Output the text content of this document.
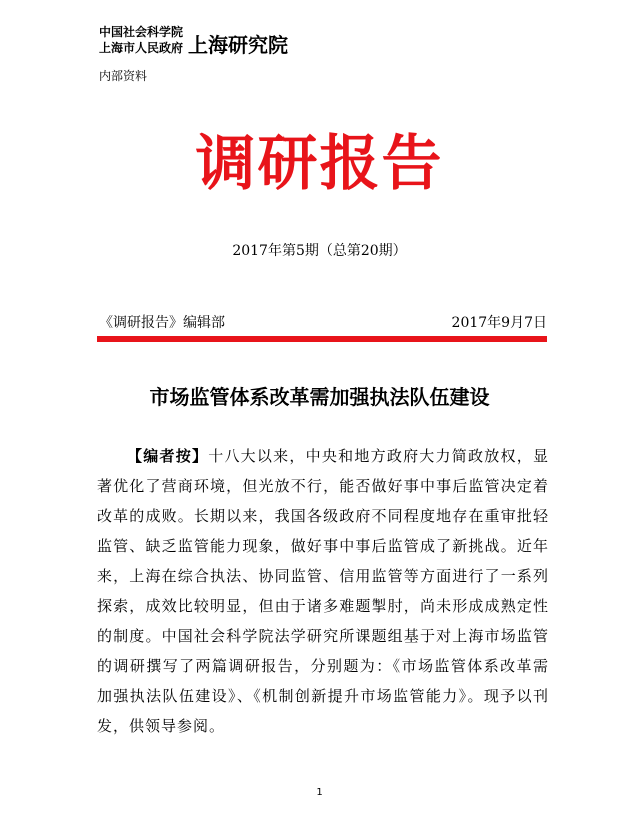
中国社会科学院
上海市人民政府 上海研究院
内部资料
调研报告
2017年第5期（总第20期）
《调研报告》编辑部	2017年9月7日
市场监管体系改革需加强执法队伍建设
【编者按】十八大以来，中央和地方政府大力简政放权，显著优化了营商环境，但光放不行，能否做好事中事后监管决定着改革的成败。长期以来，我国各级政府不同程度地存在重审批轻监管、缺乏监管能力现象，做好事中事后监管成了新挑战。近年来，上海在综合执法、协同监管、信用监管等方面进行了一系列探索，成效比较明显，但由于诸多难题掣肘，尚未形成成熟定性的制度。中国社会科学院法学研究所课题组基于对上海市场监管的调研撰写了两篇调研报告，分别题为：《市场监管体系改革需加强执法队伍建设》、《机制创新提升市场监管能力》。现予以刊发，供领导参阅。
1
